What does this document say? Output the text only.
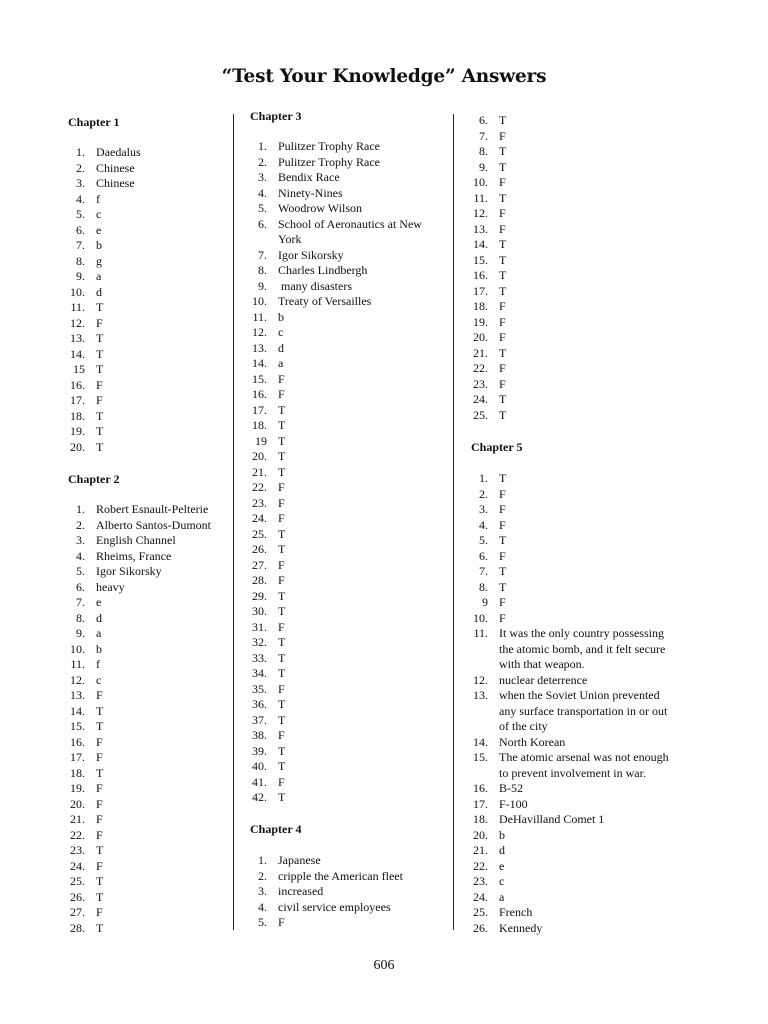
“Test Your Knowledge” Answers
Chapter 1
1. Daedalus
2. Chinese
3. Chinese
4. f
5. c
6. e
7. b
8. g
9. a
10. d
11. T
12. F
13. T
14. T
15 T
16. F
17. F
18. T
19. T
20. T
Chapter 2
1. Robert Esnault-Pelterie
2. Alberto Santos-Dumont
3. English Channel
4. Rheims, France
5. Igor Sikorsky
6. heavy
7. e
8. d
9. a
10. b
11. f
12. c
13. F
14. T
15. T
16. F
17. F
18. T
19. F
20. F
21. F
22. F
23. T
24. F
25. T
26. T
27. F
28. T
Chapter 3
1. Pulitzer Trophy Race
2. Pulitzer Trophy Race
3. Bendix Race
4. Ninety-Nines
5. Woodrow Wilson
6. School of Aeronautics at New
York
7. Igor Sikorsky
8. Charles Lindbergh
9. many disasters
10. Treaty of Versailles
11. b
12. c
13. d
14. a
15. F
16. F
17. T
18. T
19 T
20. T
21. T
22. F
23. F
24. F
25. T
26. T
27. F
28. F
29. T
30. T
31. F
32. T
33. T
34. T
35. F
36. T
37. T
38. F
39. T
40. T
41. F
42. T
Chapter 4
1. Japanese
2. cripple the American fleet
3. increased
4. civil service employees
5. F
6. T
7. F
8. T
9. T
10. F
11. T
12. F
13. F
14. T
15. T
16. T
17. T
18. F
19. F
20. F
21. T
22. F
23. F
24. T
25. T
Chapter 5
1. T
2. F
3. F
4. F
5. T
6. F
7. T
8. T
9 F
10. F
11. It was the only country possessing
the atomic bomb, and it felt secure
with that weapon.
12. nuclear deterrence
13. when the Soviet Union prevented
any surface transportation in or out
of the city
14. North Korean
15. The atomic arsenal was not enough
to prevent involvement in war.
16. B-52
17. F-100
18. DeHavilland Comet 1
20. b
21. d
22. e
23. c
24. a
25. French
26. Kennedy
606
